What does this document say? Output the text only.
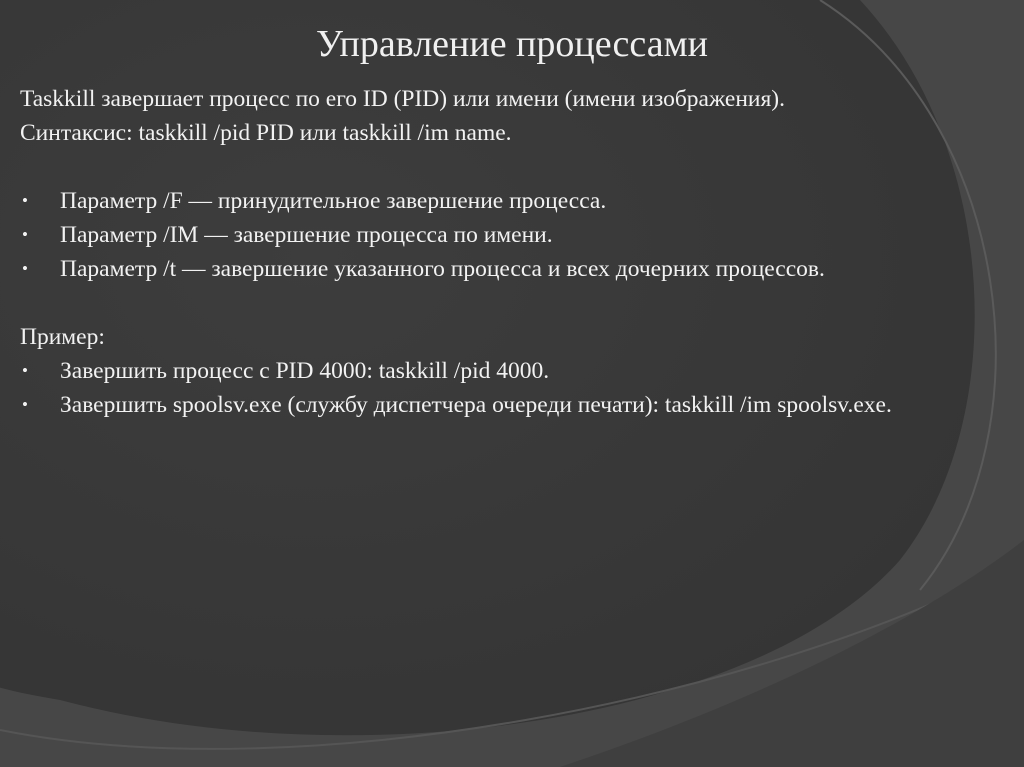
Управление процессами

Taskkill завершает процесс по его ID (PID) или имени (имени изображения).

Синтаксис: taskkill /pid PID или taskkill /im name.

• Параметр /F — принудительное завершение процесса.
• Параметр /IM — завершение процесса по имени.
• Параметр /t — завершение указанного процесса и всех дочерних процессов.

Пример:

• Завершить процесс с PID 4000: taskkill /pid 4000.
• Завершить spoolsv.exe (службу диспетчера очереди печати): taskkill /im spoolsv.exe.
